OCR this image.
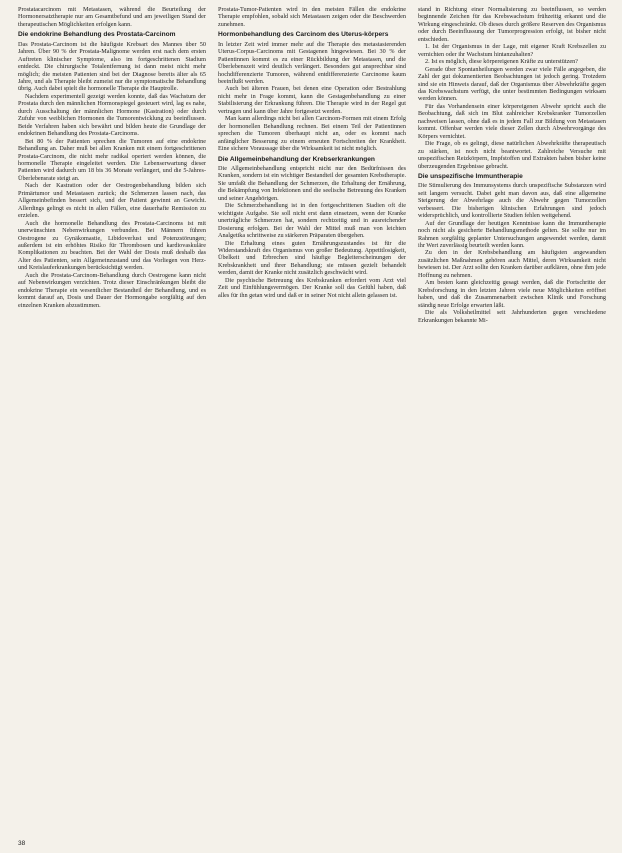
Prostatacarcinom mit Metastasen, während die Beurteilung der Hormonersatztherapie nur am Gesamtbefund und am jeweiligen Stand der therapeutischen Möglichkeiten erfolgen kann.

Die endokrine Behandlung des Prostata-Carcinom

Das Prostata-Carcinom ist die häufigste Krebsart des Mannes über 50 Jahren. Über 90 % der Prostata-Malignome werden erst nach dem ersten Auftreten klinischer Symptome, also im fortgeschrittenen Stadium entdeckt. Die chirurgische Totalentfernung ist dann meist nicht mehr möglich; die meisten Patienten sind bei der Diagnose bereits älter als 65 Jahre, und als Therapie bleibt zumeist nur die symptomatische Behandlung übrig. Auch dabei spielt die hormonelle Therapie die Hauptrolle.

Nachdem experimentell gezeigt werden konnte, daß das Wachstum der Prostata durch den männlichen Hormonspiegel gesteuert wird, lag es nahe, durch Ausschaltung der männlichen Hormone (Kastration) oder durch Zufuhr von weiblichen Hormonen die Tumorentwicklung zu beeinflussen. Beide Verfahren haben sich bewährt und bilden heute die Grundlage der endokrinen Behandlung des Prostata-Carcinoms.

Bei 80 % der Patienten sprechen die Tumoren auf eine endokrine Behandlung an. Daher muß bei allen Kranken mit einem fortgeschrittenen Prostata-Carcinom, die nicht mehr radikal operiert werden können, die hormonelle Therapie eingeleitet werden. Die Lebenserwartung dieser Patienten wird dadurch um 18 bis 36 Monate verlängert, und die 5-Jahres-Überlebensrate steigt an.

Nach der Kastration oder der Oestrogenbehandlung bilden sich Primärtumor und Metastasen zurück; die Schmerzen lassen nach, das Allgemeinbefinden bessert sich, und der Patient gewinnt an Gewicht. Allerdings gelingt es nicht in allen Fällen, eine dauerhafte Remission zu erzielen.

Auch die hormonelle Behandlung des Prostata-Carcinoms ist mit unerwünschten Nebenwirkungen verbunden. Bei Männern führen Oestrogene zu Gynäkomastie, Libidoverlust und Potenzstörungen; außerdem ist ein erhöhtes Risiko für Thrombosen und kardiovaskuläre Komplikationen zu beachten. Bei der Wahl der Dosis muß deshalb das Alter des Patienten, sein Allgemeinzustand und das Vorliegen von Herz- und Kreislauferkrankungen berücksichtigt werden.

Auch die Prostata-Carcinom-Behandlung durch Oestrogene kann nicht auf Nebenwirkungen verzichten. Trotz dieser Einschränkungen bleibt die endokrine Therapie ein wesentlicher Bestandteil der Behandlung, und es kommt darauf an, Dosis und Dauer der Hormongabe sorgfältig auf den einzelnen Kranken abzustimmen.

Prostata-Tumor-Patienten wird in den meisten Fällen die endokrine Therapie empfohlen, sobald sich Metastasen zeigen oder die Beschwerden zunehmen.

Hormonbehandlung des Carcinom des Uterus-körpers

In letzter Zeit wird immer mehr auf die Therapie des metastasierenden Uterus-Corpus-Carcinoms mit Gestagenen hingewiesen. Bei 30 % der Patientinnen kommt es zu einer Rückbildung der Metastasen, und die Überlebenszeit wird deutlich verlängert. Besonders gut ansprechbar sind hochdifferenzierte Tumoren, während entdifferenzierte Carcinome kaum beeinflußt werden.

Auch bei älteren Frauen, bei denen eine Operation oder Bestrahlung nicht mehr in Frage kommt, kann die Gestagenbehandlung zu einer Stabilisierung der Erkrankung führen. Die Therapie wird in der Regel gut vertragen und kann über Jahre fortgesetzt werden.

Man kann allerdings nicht bei allen Carcinom-Formen mit einem Erfolg der hormonellen Behandlung rechnen. Bei einem Teil der Patientinnen sprechen die Tumoren überhaupt nicht an, oder es kommt nach anfänglicher Besserung zu einem erneuten Fortschreiten der Krankheit. Eine sichere Voraussage über die Wirksamkeit ist nicht möglich.

Die Allgemeinbehandlung der Krebserkrankungen

Die Allgemeinbehandlung entspricht nicht nur den Bedürfnissen des Kranken, sondern ist ein wichtiger Bestandteil der gesamten Krebstherapie. Sie umfaßt die Behandlung der Schmerzen, die Erhaltung der Ernährung, die Bekämpfung von Infektionen und die seelische Betreuung des Kranken und seiner Angehörigen.

Die Schmerzbehandlung ist in den fortgeschrittenen Stadien oft die wichtigste Aufgabe. Sie soll nicht erst dann einsetzen, wenn der Kranke unerträgliche Schmerzen hat, sondern rechtzeitig und in ausreichender Dosierung erfolgen. Bei der Wahl der Mittel muß man von leichten Analgetika schrittweise zu stärkeren Präparaten übergehen.

Die Erhaltung eines guten Ernährungszustandes ist für die Widerstandskraft des Organismus von großer Bedeutung. Appetitlosigkeit, Übelkeit und Erbrechen sind häufige Begleiterscheinungen der Krebskrankheit und ihrer Behandlung; sie müssen gezielt behandelt werden, damit der Kranke nicht zusätzlich geschwächt wird.

Die psychische Betreuung des Krebskranken erfordert vom Arzt viel Zeit und Einfühlungsvermögen. Der Kranke soll das Gefühl haben, daß alles für ihn getan wird und daß er in seiner Not nicht allein gelassen ist.

stand in Richtung einer Normalisierung zu beeinflussen, so werden beginnende Zeichen für das Krebswachstum frühzeitig erkannt und die Wirkung eingeschränkt. Ob dieses durch größere Reserven des Organismus oder durch Beeinflussung der Tumorprogression erfolgt, ist bisher nicht entschieden.

1. Ist der Organismus in der Lage, mit eigener Kraft Krebszellen zu vernichten oder ihr Wachstum hintanzuhalten?

2. Ist es möglich, diese körpereigenen Kräfte zu unterstützen?

Gerade über Spontanheilungen werden zwar viele Fälle angegeben, die Zahl der gut dokumentierten Beobachtungen ist jedoch gering. Trotzdem sind sie ein Hinweis darauf, daß der Organismus über Abwehrkräfte gegen das Krebswachstum verfügt, die unter bestimmten Bedingungen wirksam werden können.

Für das Vorhandensein einer körpereigenen Abwehr spricht auch die Beobachtung, daß sich im Blut zahlreicher Krebskranker Tumorzellen nachweisen lassen, ohne daß es in jedem Fall zur Bildung von Metastasen kommt. Offenbar werden viele dieser Zellen durch Abwehrvorgänge des Körpers vernichtet.

Die Frage, ob es gelingt, diese natürlichen Abwehrkräfte therapeutisch zu stärken, ist noch nicht beantwortet. Zahlreiche Versuche mit unspezifischen Reizkörpern, Impfstoffen und Extrakten haben bisher keine überzeugenden Ergebnisse gebracht.

Die unspezifische Immuntherapie

Die Stimulierung des Immunsystems durch unspezifische Substanzen wird seit langem versucht. Dabei geht man davon aus, daß eine allgemeine Steigerung der Abwehrlage auch die Abwehr gegen Tumorzellen verbessert. Die bisherigen klinischen Erfahrungen sind jedoch widersprüchlich, und kontrollierte Studien fehlen weitgehend.

Auf der Grundlage der heutigen Kenntnisse kann die Immuntherapie noch nicht als gesicherte Behandlungsmethode gelten. Sie sollte nur im Rahmen sorgfältig geplanter Untersuchungen angewendet werden, damit ihr Wert zuverlässig beurteilt werden kann.

Zu den in der Krebsbehandlung am häufigsten angewandten zusätzlichen Maßnahmen gehören auch Mittel, deren Wirksamkeit nicht bewiesen ist. Der Arzt sollte den Kranken darüber aufklären, ohne ihm jede Hoffnung zu nehmen.

Am besten kann gleichzeitig gesagt werden, daß die Fortschritte der Krebsforschung in den letzten Jahren viele neue Möglichkeiten eröffnet haben, und daß die Zusammenarbeit zwischen Klinik und Forschung ständig neue Erfolge erwarten läßt.

Die als Volksheilmittel seit Jahrhunderten gegen verschiedene Erkrankungen bekannte Mi-

38
